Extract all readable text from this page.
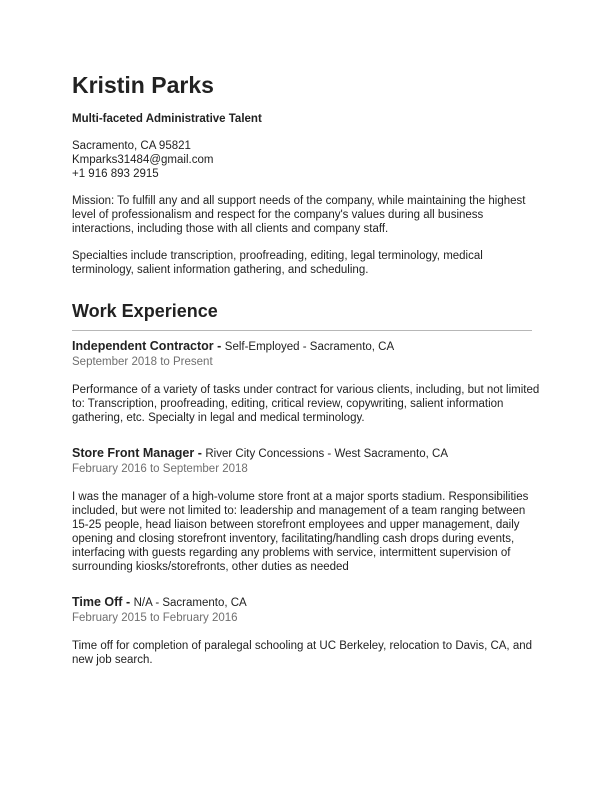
Kristin Parks
Multi-faceted Administrative Talent
Sacramento, CA 95821
Kmparks31484@gmail.com
+1 916 893 2915
Mission: To fulfill any and all support needs of the company, while maintaining the highest level of professionalism and respect for the company's values during all business interactions, including those with all clients and company staff.
Specialties include transcription, proofreading, editing, legal terminology, medical terminology, salient information gathering, and scheduling.
Work Experience
Independent Contractor - Self-Employed - Sacramento, CA
September 2018 to Present
Performance of a variety of tasks under contract for various clients, including, but not limited to: Transcription, proofreading, editing, critical review, copywriting, salient information gathering, etc. Specialty in legal and medical terminology.
Store Front Manager - River City Concessions - West Sacramento, CA
February 2016 to September 2018
I was the manager of a high-volume store front at a major sports stadium. Responsibilities included, but were not limited to: leadership and management of a team ranging between 15-25 people, head liaison between storefront employees and upper management, daily opening and closing storefront inventory, facilitating/handling cash drops during events, interfacing with guests regarding any problems with service, intermittent supervision of surrounding kiosks/storefronts, other duties as needed
Time Off - N/A - Sacramento, CA
February 2015 to February 2016
Time off for completion of paralegal schooling at UC Berkeley, relocation to Davis, CA, and new job search.
